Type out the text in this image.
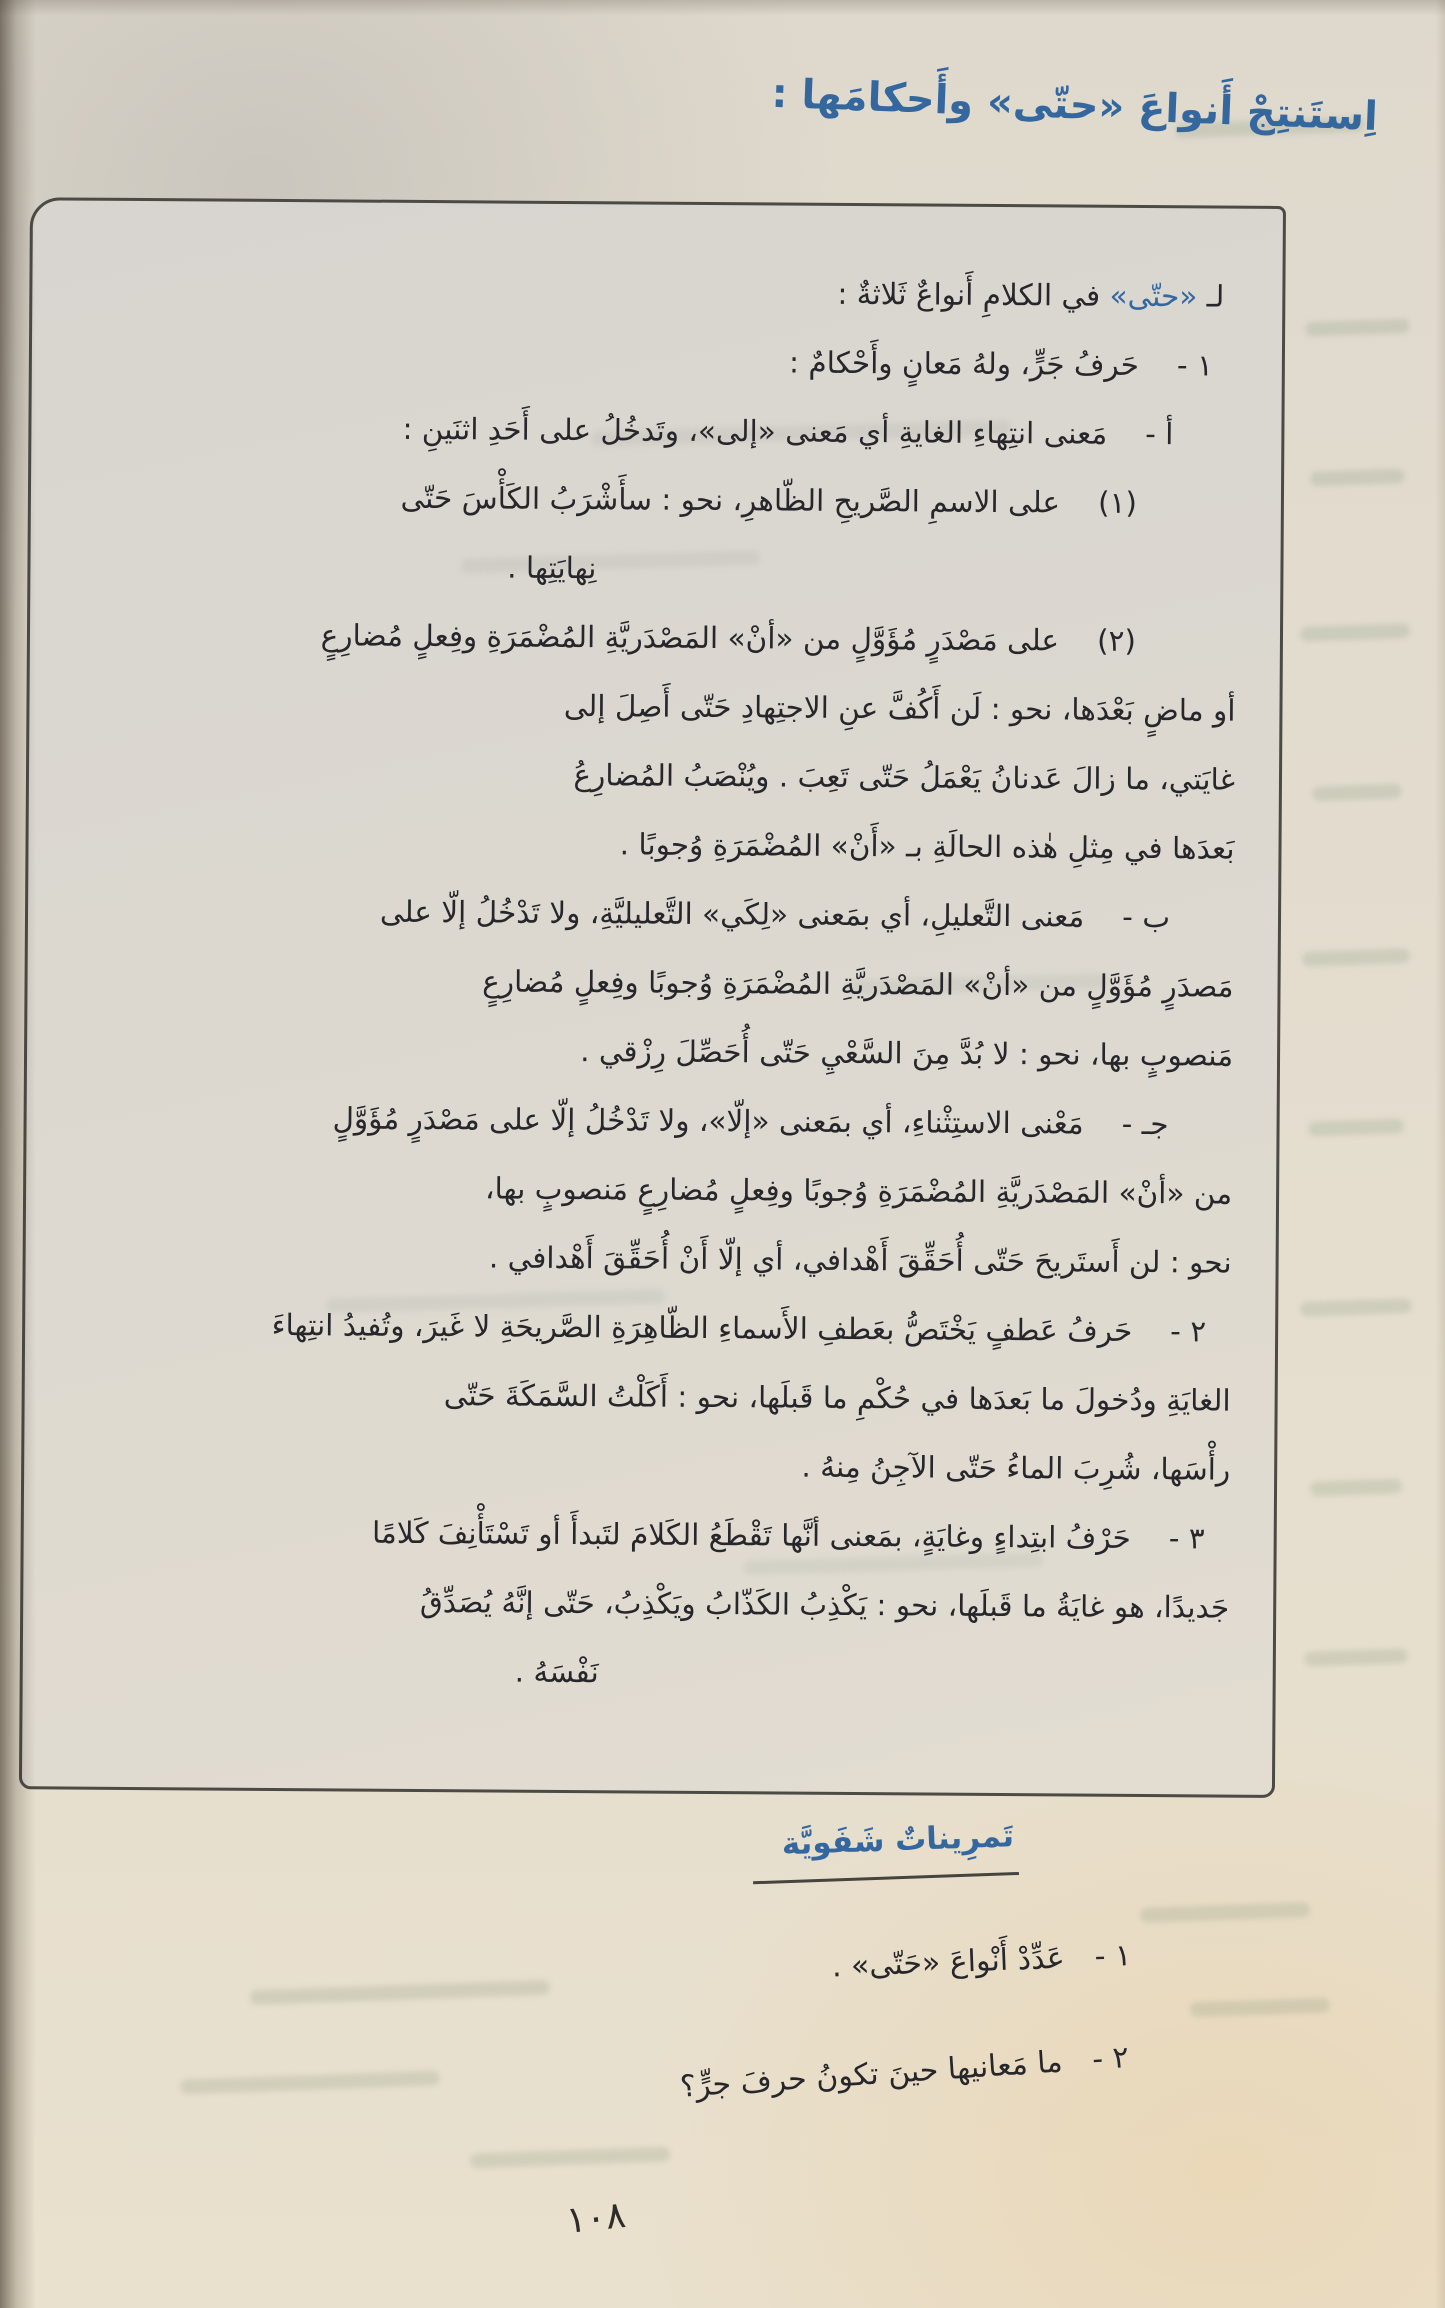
اِستَنتِجْ أَنواعَ «حتّى» وأَحكامَها :
لـ «حتّى» في الكلامِ أَنواعٌ ثَلاثةٌ :
١ -حَرفُ جَرٍّ، ولهُ مَعانٍ وأَحْكامٌ :
أ -مَعنى انتِهاءِ الغايةِ أي مَعنى «إلى»، وتَدخُلُ على أَحَدِ اثنَينِ :
(١)على الاسمِ الصَّريحِ الظّاهرِ، نحو : سأَشْرَبُ الكَأْسَ حَتّى
نِهايَتِها .
(٢)على مَصْدَرٍ مُؤَوَّلٍ من «أنْ» المَصْدَريَّةِ المُضْمَرَةِ وفِعلٍ مُضارِعٍ
أو ماضٍ بَعْدَها، نحو : لَن أَكُفَّ عنِ الاجتِهادِ حَتّى أَصِلَ إلى
غايَتي، ما زالَ عَدنانُ يَعْمَلُ حَتّى تَعِبَ . ويُنْصَبُ المُضارِعُ
بَعدَها في مِثلِ هٰذه الحالَةِ بـ «أَنْ» المُضْمَرَةِ وُجوبًا .
ب -مَعنى التَّعليلِ، أي بمَعنى «لِكَي» التَّعليليَّةِ، ولا تَدْخُلُ إلّا على
مَصدَرٍ مُؤَوَّلٍ من «أنْ» المَصْدَريَّةِ المُضْمَرَةِ وُجوبًا وفِعلٍ مُضارِعٍ
مَنصوبٍ بها، نحو : لا بُدَّ مِنَ السَّعْيِ حَتّى أُحَصِّلَ رِزْقي .
جـ -مَعْنى الاستِثْناءِ، أي بمَعنى «إلّا»، ولا تَدْخُلُ إلّا على مَصْدَرٍ مُؤَوَّلٍ
من «أنْ» المَصْدَريَّةِ المُضْمَرَةِ وُجوبًا وفِعلٍ مُضارِعٍ مَنصوبٍ بها،
نحو : لن أَستَريحَ حَتّى أُحَقِّقَ أَهْدافي، أي إلّا أَنْ أُحَقِّقَ أَهْدافي .
٢ -حَرفُ عَطفٍ يَخْتَصُّ بعَطفِ الأَسماءِ الظّاهِرَةِ الصَّريحَةِ لا غَيرَ، وتُفيدُ انتِهاءَ
الغايَةِ ودُخولَ ما بَعدَها في حُكْمِ ما قَبلَها، نحو : أَكَلْتُ السَّمَكَةَ حَتّى
رأْسَها، شُرِبَ الماءُ حَتّى الآجِنُ مِنهُ .
٣ -حَرْفُ ابتِداءٍ وغايَةٍ، بمَعنى أنَّها تَقْطَعُ الكَلامَ لتَبدأَ أو تَسْتَأْنِفَ كَلامًا
جَديدًا، هو غايَةُ ما قَبلَها، نحو : يَكْذِبُ الكَذّابُ ويَكْذِبُ، حَتّى إنَّهُ يُصَدِّقُ
نَفْسَهُ .
تَمرِيناتٌ شَفَويَّة
١ -عَدِّدْ أَنْواعَ «حَتّى» .
٢ -ما مَعانيها حينَ تكونُ حرفَ جرٍّ؟
١٠٨
